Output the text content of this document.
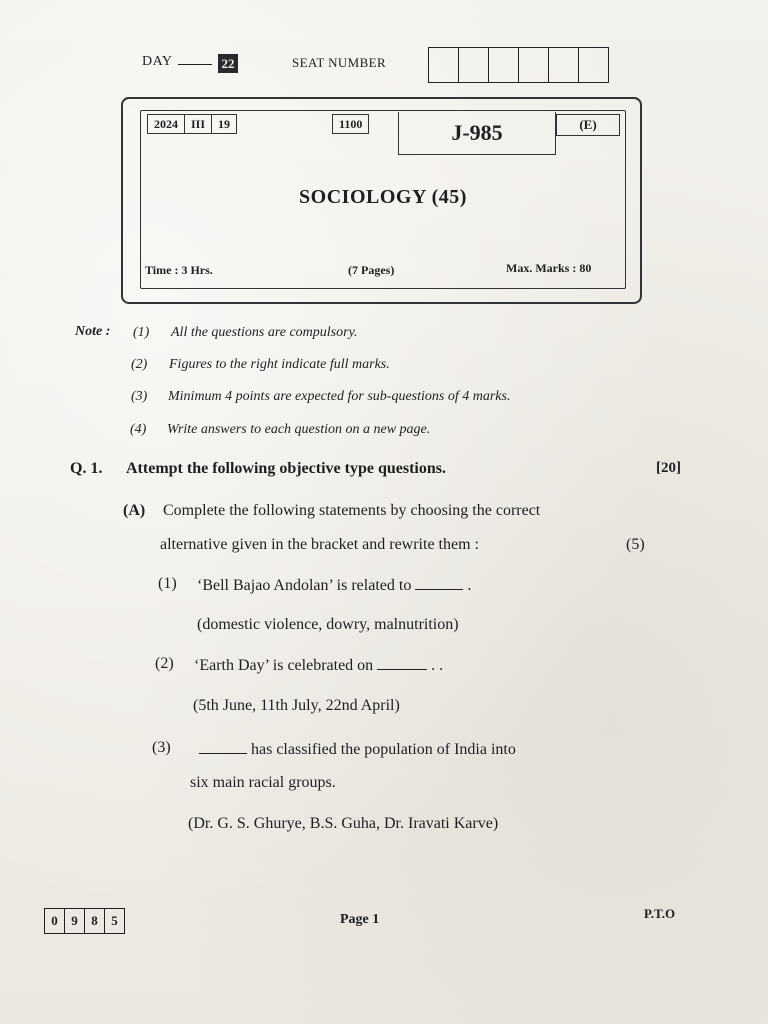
DAY	22	SEAT NUMBER
2024	III	19	1100	J-985	(E)
SOCIOLOGY (45)
Time : 3 Hrs.	(7 Pages)	Max. Marks : 80
Note : (1) All the questions are compulsory.
(2) Figures to the right indicate full marks.
(3) Minimum 4 points are expected for sub-questions of 4 marks.
(4) Write answers to each question on a new page.
Q. 1. Attempt the following objective type questions.	[20]
(A) Complete the following statements by choosing the correct
alternative given in the bracket and rewrite them :	(5)
(1) ‘Bell Bajao Andolan’ is related to	.
(domestic violence, dowry, malnutrition)
(2) ‘Earth Day’ is celebrated on	. .
(5th June, 11th July, 22nd April)
(3)	has classified the population of India into
six main racial groups.
(Dr. G. S. Ghurye, B.S. Guha, Dr. Iravati Karve)
0	9	8	5	Page 1	P.T.O
